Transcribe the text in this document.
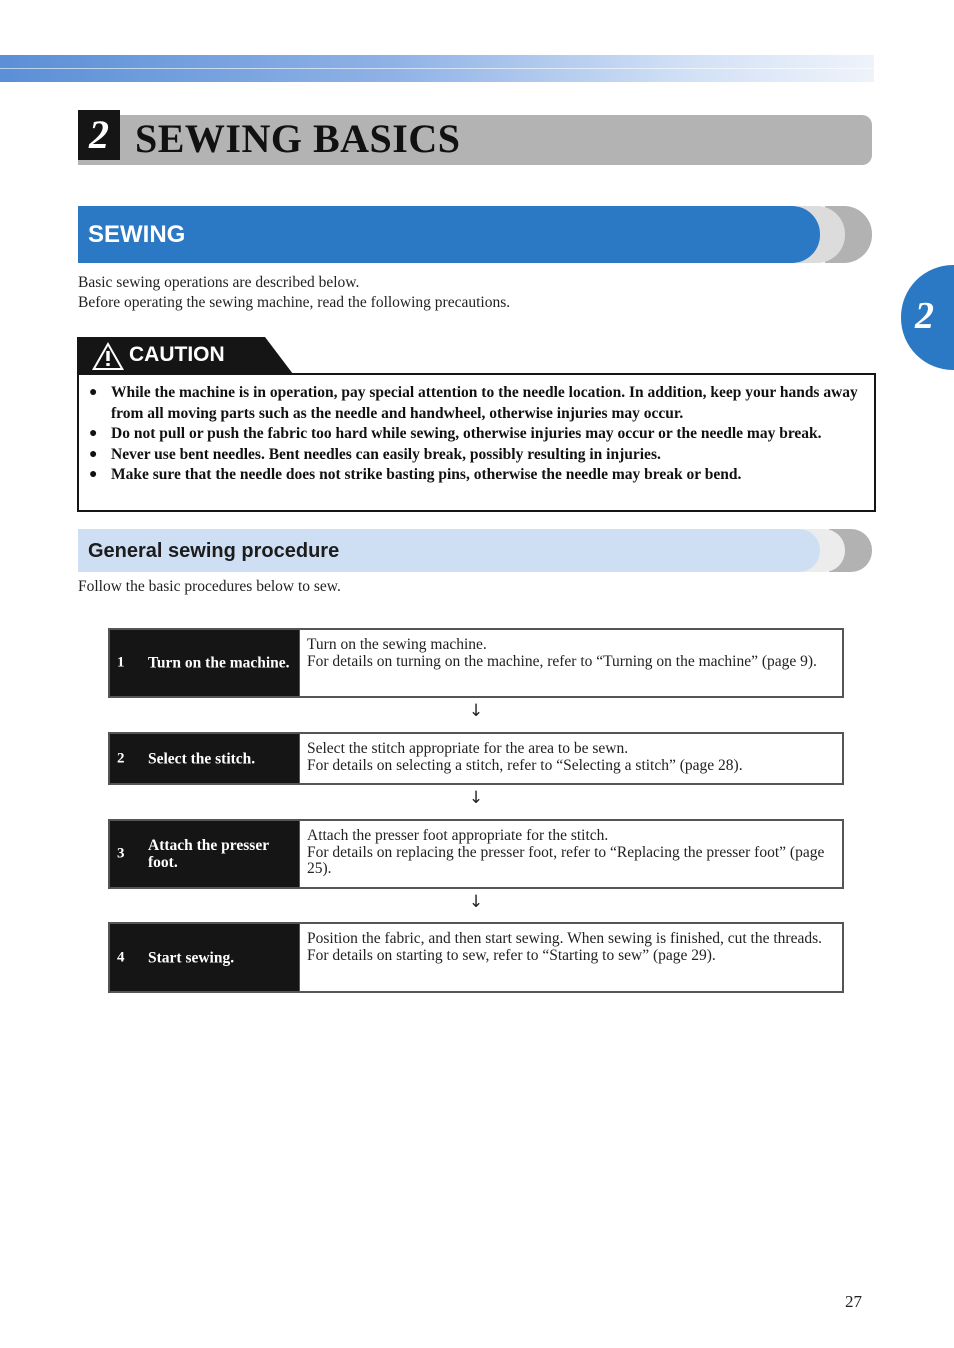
2 SEWING BASICS
2
SEWING
Basic sewing operations are described below.
Before operating the sewing machine, read the following precautions.
CAUTION
● While the machine is in operation, pay special attention to the needle location. In addition, keep your hands away from all moving parts such as the needle and handwheel, otherwise injuries may occur.
● Do not pull or push the fabric too hard while sewing, otherwise injuries may occur or the needle may break.
● Never use bent needles. Bent needles can easily break, possibly resulting in injuries.
● Make sure that the needle does not strike basting pins, otherwise the needle may break or bend.
General sewing procedure
Follow the basic procedures below to sew.
1 Turn on the machine.
Turn on the sewing machine.
For details on turning on the machine, refer to “Turning on the machine” (page 9).
↓
2 Select the stitch.
Select the stitch appropriate for the area to be sewn.
For details on selecting a stitch, refer to “Selecting a stitch” (page 28).
↓
3 Attach the presser foot.
Attach the presser foot appropriate for the stitch.
For details on replacing the presser foot, refer to “Replacing the presser foot” (page 25).
↓
4 Start sewing.
Position the fabric, and then start sewing. When sewing is finished, cut the threads.
For details on starting to sew, refer to “Starting to sew” (page 29).
27
